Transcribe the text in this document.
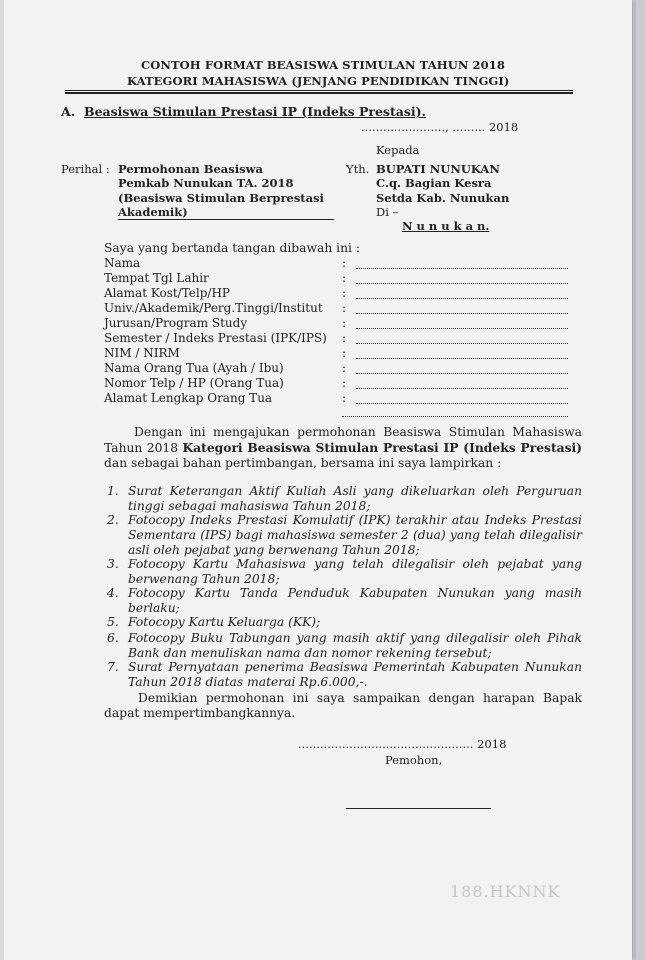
CONTOH FORMAT BEASISWA STIMULAN TAHUN 2018
KATEGORI MAHASISWA (JENJANG PENDIDIKAN TINGGI)
A. Beasiswa Stimulan Prestasi IP (Indeks Prestasi).
......................., ......... 2018
Kepada
Perihal : Permohonan Beasiswa
Pemkab Nunukan TA. 2018
(Beasiswa Stimulan Berprestasi
Akademik)
Yth. BUPATI NUNUKAN
C.q. Bagian Kesra
Setda Kab. Nunukan
Di –
N u n u k a n.
Saya yang bertanda tangan dibawah ini :
Nama
Tempat Tgl Lahir
Alamat Kost/Telp/HP
Univ./Akademik/Perg.Tinggi/Institut
Jurusan/Program Study
Semester / Indeks Prestasi (IPK/IPS)
NIM / NIRM
Nama Orang Tua (Ayah / Ibu)
Nomor Telp / HP (Orang Tua)
Alamat Lengkap Orang Tua
:
:
:
:
:
:
:
:
:
:
Dengan ini mengajukan permohonan Beasiswa Stimulan Mahasiswa Tahun 2018 Kategori Beasiswa Stimulan Prestasi IP (Indeks Prestasi) dan sebagai bahan pertimbangan, bersama ini saya lampirkan :
1. Surat Keterangan Aktif Kuliah Asli yang dikeluarkan oleh Perguruan tinggi sebagai mahasiswa Tahun 2018;
2. Fotocopy Indeks Prestasi Komulatif (IPK) terakhir atau Indeks Prestasi Sementara (IPS) bagi mahasiswa semester 2 (dua) yang telah dilegalisir asli oleh pejabat yang berwenang Tahun 2018;
3. Fotocopy Kartu Mahasiswa yang telah dilegalisir oleh pejabat yang berwenang Tahun 2018;
4. Fotocopy Kartu Tanda Penduduk Kabupaten Nunukan yang masih berlaku;
5. Fotocopy Kartu Keluarga (KK);
6. Fotocopy Buku Tabungan yang masih aktif yang dilegalisir oleh Pihak Bank dan menuliskan nama dan nomor rekening tersebut;
7. Surat Pernyataan penerima Beasiswa Pemerintah Kabupaten Nunukan Tahun 2018 diatas materai Rp.6.000,-.
Demikian permohonan ini saya sampaikan dengan harapan Bapak dapat mempertimbangkannya.
................................................ 2018
Pemohon,
188.HKNNK
